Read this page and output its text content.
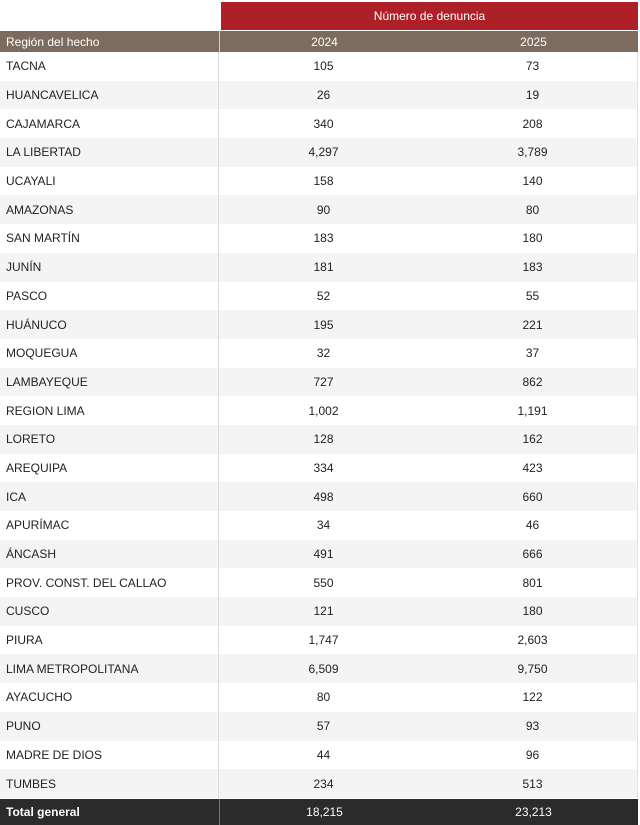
Número de denuncia
Región del hecho	2024	2025
TACNA	105	73
HUANCAVELICA	26	19
CAJAMARCA	340	208
LA LIBERTAD	4,297	3,789
UCAYALI	158	140
AMAZONAS	90	80
SAN MARTÍN	183	180
JUNÍN	181	183
PASCO	52	55
HUÁNUCO	195	221
MOQUEGUA	32	37
LAMBAYEQUE	727	862
REGION LIMA	1,002	1,191
LORETO	128	162
AREQUIPA	334	423
ICA	498	660
APURÍMAC	34	46
ÁNCASH	491	666
PROV. CONST. DEL CALLAO	550	801
CUSCO	121	180
PIURA	1,747	2,603
LIMA METROPOLITANA	6,509	9,750
AYACUCHO	80	122
PUNO	57	93
MADRE DE DIOS	44	96
TUMBES	234	513
Total general	18,215	23,213
